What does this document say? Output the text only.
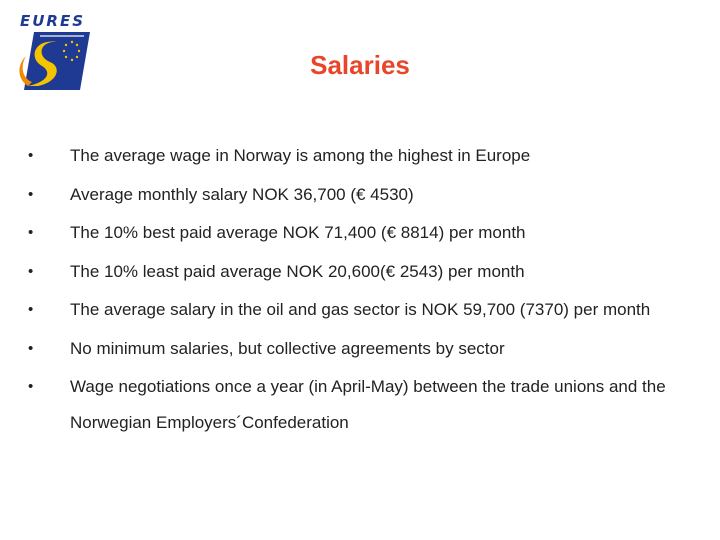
EURES
Salaries
•	The average wage in Norway is among the highest in Europe
•	Average monthly salary NOK 36,700 (€ 4530)
•	The 10% best paid average NOK 71,400 (€ 8814) per month
•	The 10% least paid average NOK 20,600(€ 2543) per month
•	The average salary in the oil and gas sector is NOK 59,700 (7370) per month
•	No minimum salaries, but collective agreements by sector
•	Wage negotiations once a year (in April-May) between the trade unions and the Norwegian Employers´Confederation
